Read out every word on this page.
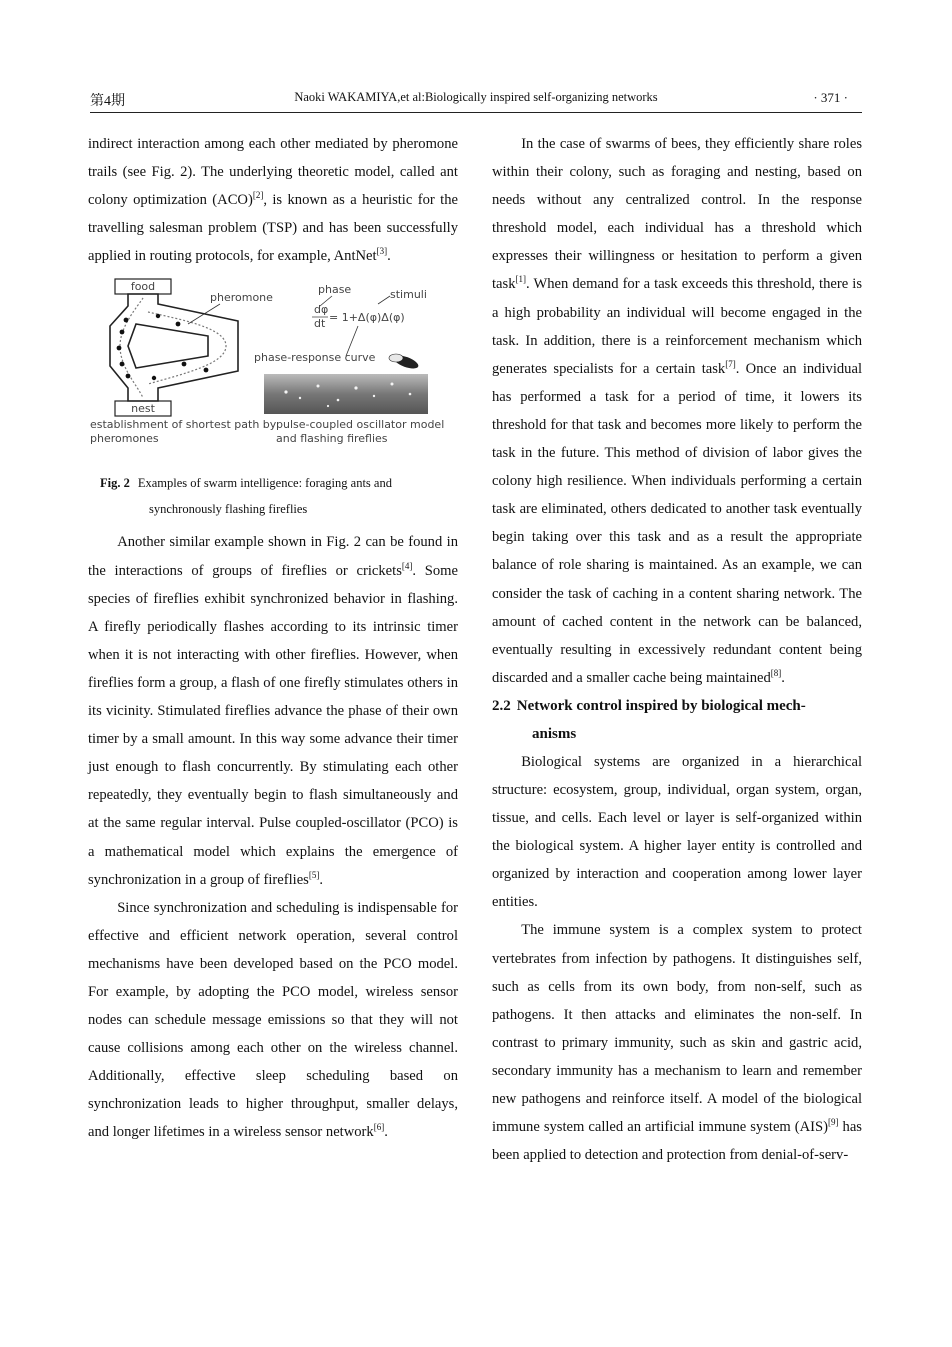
第4期	Naoki WAKAMIYA,et al:Biologically inspired self-organizing networks	· 371 ·

indirect interaction among each other mediated by pheromone trails (see Fig. 2). The underlying theoretic model, called ant colony optimization (ACO)[2], is known as a heuristic for the travelling salesman problem (TSP) and has been successfully applied in routing protocols, for example, AntNet[3].

food
nest
pheromone
phase	stimuli
dφ
dt = 1+Δ(φ)Δ(φ)
phase-response curve
establishment of shortest path by pheromones
pulse-coupled oscillator model and flashing fireflies
Fig. 2 Examples of swarm intelligence: foraging ants and
synchronously flashing fireflies

Another similar example shown in Fig. 2 can be found in the interactions of groups of fireflies or crickets[4]. Some species of fireflies exhibit synchronized behavior in flashing. A firefly periodically flashes according to its intrinsic timer when it is not interacting with other fireflies. However, when fireflies form a group, a flash of one firefly stimulates others in its vicinity. Stimulated fireflies advance the phase of their own timer by a small amount. In this way some advance their timer just enough to flash concurrently. By stimulating each other repeatedly, they eventually begin to flash simultaneously and at the same regular interval. Pulse coupled-oscillator (PCO) is a mathematical model which explains the emergence of synchronization in a group of fireflies[5].

Since synchronization and scheduling is indispensable for effective and efficient network operation, several control mechanisms have been developed based on the PCO model. For example, by adopting the PCO model, wireless sensor nodes can schedule message emissions so that they will not cause collisions among each other on the wireless channel. Additionally, effective sleep scheduling based on synchronization leads to higher throughput, smaller delays, and longer lifetimes in a wireless sensor network[6].

In the case of swarms of bees, they efficiently share roles within their colony, such as foraging and nesting, based on needs without any centralized control. In the response threshold model, each individual has a threshold which expresses their willingness or hesitation to perform a given task[1]. When demand for a task exceeds this threshold, there is a high probability an individual will become engaged in the task. In addition, there is a reinforcement mechanism which generates specialists for a certain task[7]. Once an individual has performed a task for a period of time, it lowers its threshold for that task and becomes more likely to perform the task in the future. This method of division of labor gives the colony high resilience. When individuals performing a certain task are eliminated, others dedicated to another task eventually begin taking over this task and as a result the appropriate balance of role sharing is maintained. As an example, we can consider the task of caching in a content sharing network. The amount of cached content in the network can be balanced, eventually resulting in excessively redundant content being discarded and a smaller cache being maintained[8].

2.2 Network control inspired by biological mech-
anisms

Biological systems are organized in a hierarchical structure: ecosystem, group, individual, organ system, organ, tissue, and cells. Each level or layer is self-organized within the biological system. A higher layer entity is controlled and organized by interaction and cooperation among lower layer entities.

The immune system is a complex system to protect vertebrates from infection by pathogens. It distinguishes self, such as cells from its own body, from non-self, such as pathogens. It then attacks and eliminates the non-self. In contrast to primary immunity, such as skin and gastric acid, secondary immunity has a mechanism to learn and remember new pathogens and reinforce itself. A model of the biological immune system called an artificial immune system (AIS)[9] has been applied to detection and protection from denial-of-serv-
